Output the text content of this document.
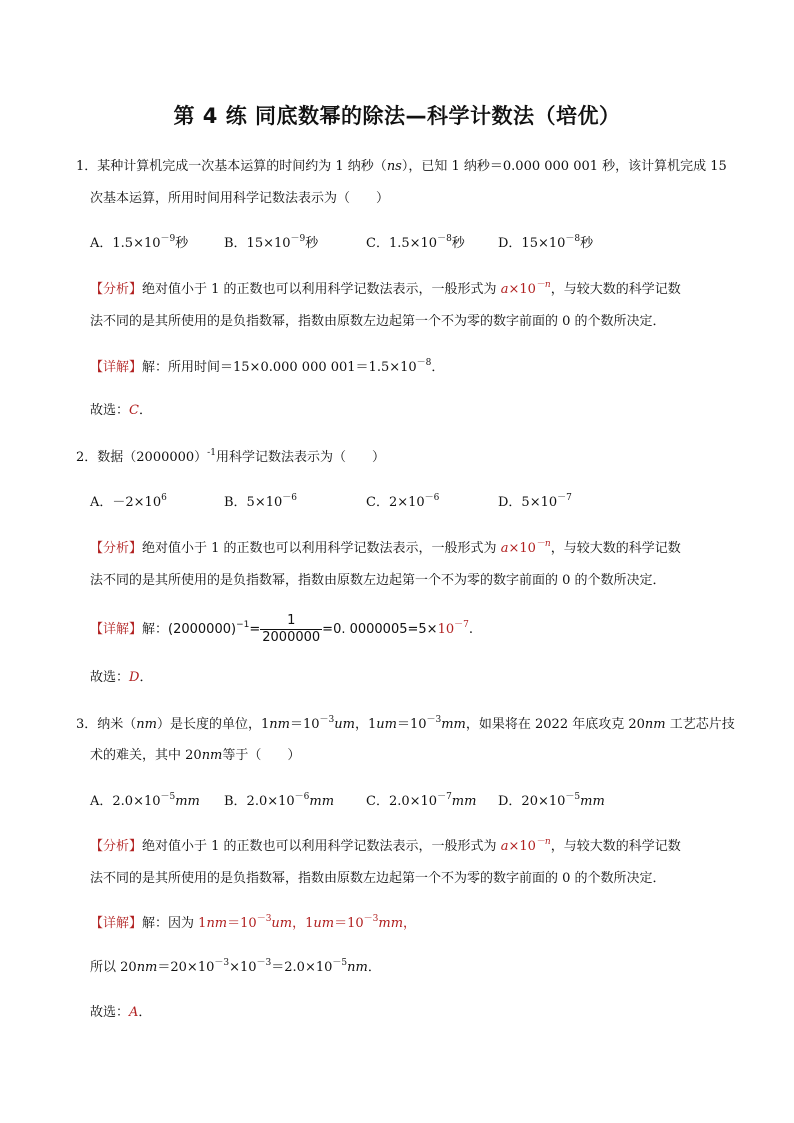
第 4 练 同底数幂的除法—科学计数法（培优）
1．某种计算机完成一次基本运算的时间约为 1 纳秒（ns），已知 1 纳秒＝0.000 000 001 秒，该计算机完成 15
次基本运算，所用时间用科学记数法表示为（　　）
A．$1.5\times 10^{-9}$秒	B．$15\times 10^{-9}$秒	C．$1.5\times 10^{-8}$秒	D．$15\times 10^{-8}$秒
【分析】绝对值小于 1 的正数也可以利用科学记数法表示，一般形式为 $a\times 10^{-n}$，与较大数的科学记数
法不同的是其所使用的是负指数幂，指数由原数左边起第一个不为零的数字前面的 0 的个数所决定．
【详解】解：所用时间＝15×0.000 000 $001=1.5\times 10^{-8}$．
故选：C．
2．数据$(2000000)^{-1}$用科学记数法表示为（　　）
A．$-2\times 10^6$	B．$5\times 10^{-6}$	C．$2\times 10^{-6}$	D．$5\times 10^{-7}$
【分析】绝对值小于 1 的正数也可以利用科学记数法表示，一般形式为 $a\times 10^{-n}$，与较大数的科学记数
法不同的是其所使用的是负指数幂，指数由原数左边起第一个不为零的数字前面的 0 的个数所决定．
【详解】解：$(2000000)^{-1}= \frac{1}{2000000} =0$. $0000005=5\times 10^{-7}$.
故选：D．
3．纳米（nm）是长度的单位，$1nm=10^{-3}um$，$1um=10^{-3}mm$，如果将在 2022 年底攻克 20nm 工艺芯片技
术的难关，其中 20nm等于（　　）
A．$2.0\times 10^{-5}mm$ B．$2.0\times 10^{-6}mm$ C．$2.0\times 10^{-7}mm$ D．$20\times 10^{-5}mm$
【分析】绝对值小于 1 的正数也可以利用科学记数法表示，一般形式为 $a\times 10^{-n}$，与较大数的科学记数
法不同的是其所使用的是负指数幂，指数由原数左边起第一个不为零的数字前面的 0 的个数所决定．
【详解】解：因为 $1nm=10^{-3}um$，$1um=10^{-3}mm$，
所以 $20nm=20\times 10^{-3}\times 10^{-3}=2.0\times 10^{-5}nm$．
故选：A．
